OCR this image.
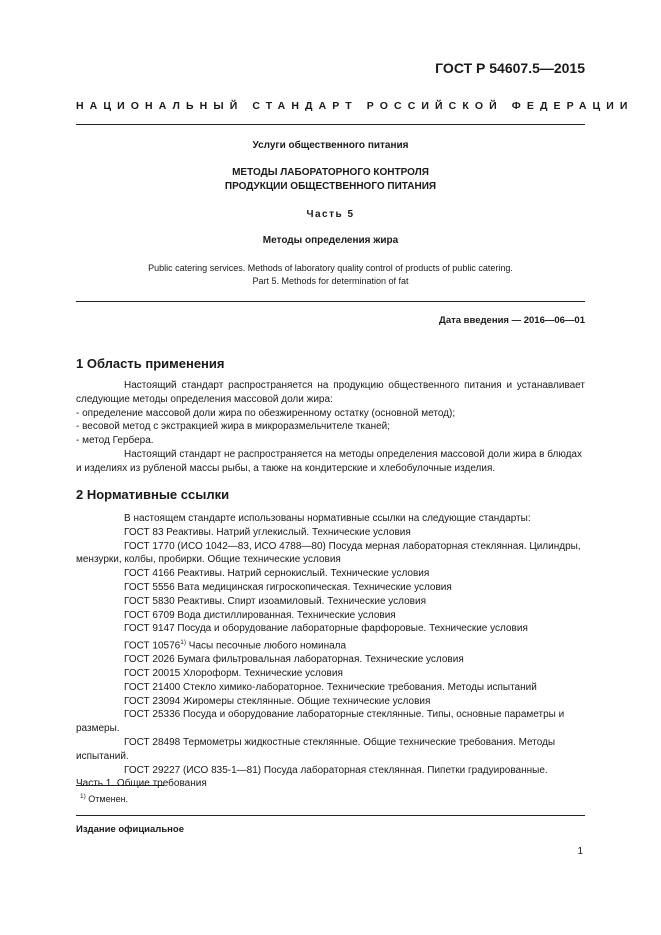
ГОСТ Р 54607.5—2015
НАЦИОНАЛЬНЫЙ СТАНДАРТ РОССИЙСКОЙ ФЕДЕРАЦИИ
Услуги общественного питания
МЕТОДЫ ЛАБОРАТОРНОГО КОНТРОЛЯ
ПРОДУКЦИИ ОБЩЕСТВЕННОГО ПИТАНИЯ
Часть 5
Методы определения жира
Public catering services. Methods of laboratory quality control of products of public catering.
Part 5. Methods for determination of fat
Дата введения — 2016—06—01
1 Область применения
Настоящий стандарт распространяется на продукцию общественного питания и устанавливает
следующие методы определения массовой доли жира:
- определение массовой доли жира по обезжиренному остатку (основной метод);
- весовой метод с экстракцией жира в микроразмельчителе тканей;
- метод Гербера.
Настоящий стандарт не распространяется на методы определения массовой доли жира в блюдах
и изделиях из рубленой массы рыбы, а также на кондитерские и хлебобулочные изделия.
2 Нормативные ссылки
В настоящем стандарте использованы нормативные ссылки на следующие стандарты:
ГОСТ 83 Реактивы. Натрий углекислый. Технические условия
ГОСТ 1770 (ИСО 1042—83, ИСО 4788—80) Посуда мерная лабораторная стеклянная. Цилиндры,
мензурки, колбы, пробирки. Общие технические условия
ГОСТ 4166 Реактивы. Натрий сернокислый. Технические условия
ГОСТ 5556 Вата медицинская гигроскопическая. Технические условия
ГОСТ 5830 Реактивы. Спирт изоамиловый. Технические условия
ГОСТ 6709 Вода дистиллированная. Технические условия
ГОСТ 9147 Посуда и оборудование лабораторные фарфоровые. Технические условия
ГОСТ 10576$^{1)}$ Часы песочные любого номинала
ГОСТ 2026 Бумага фильтровальная лабораторная. Технические условия
ГОСТ 20015 Хлороформ. Технические условия
ГОСТ 21400 Стекло химико-лабораторное. Технические требования. Методы испытаний
ГОСТ 23094 Жиромеры стеклянные. Общие технические условия
ГОСТ 25336 Посуда и оборудование лабораторные стеклянные. Типы, основные параметры и
размеры.
ГОСТ 28498 Термометры жидкостные стеклянные. Общие технические требования. Методы
испытаний.
ГОСТ 29227 (ИСО 835-1—81) Посуда лабораторная стеклянная. Пипетки градуированные.
Часть 1. Общие требования
$^{1)}$ Отменен.
Издание официальное
1
